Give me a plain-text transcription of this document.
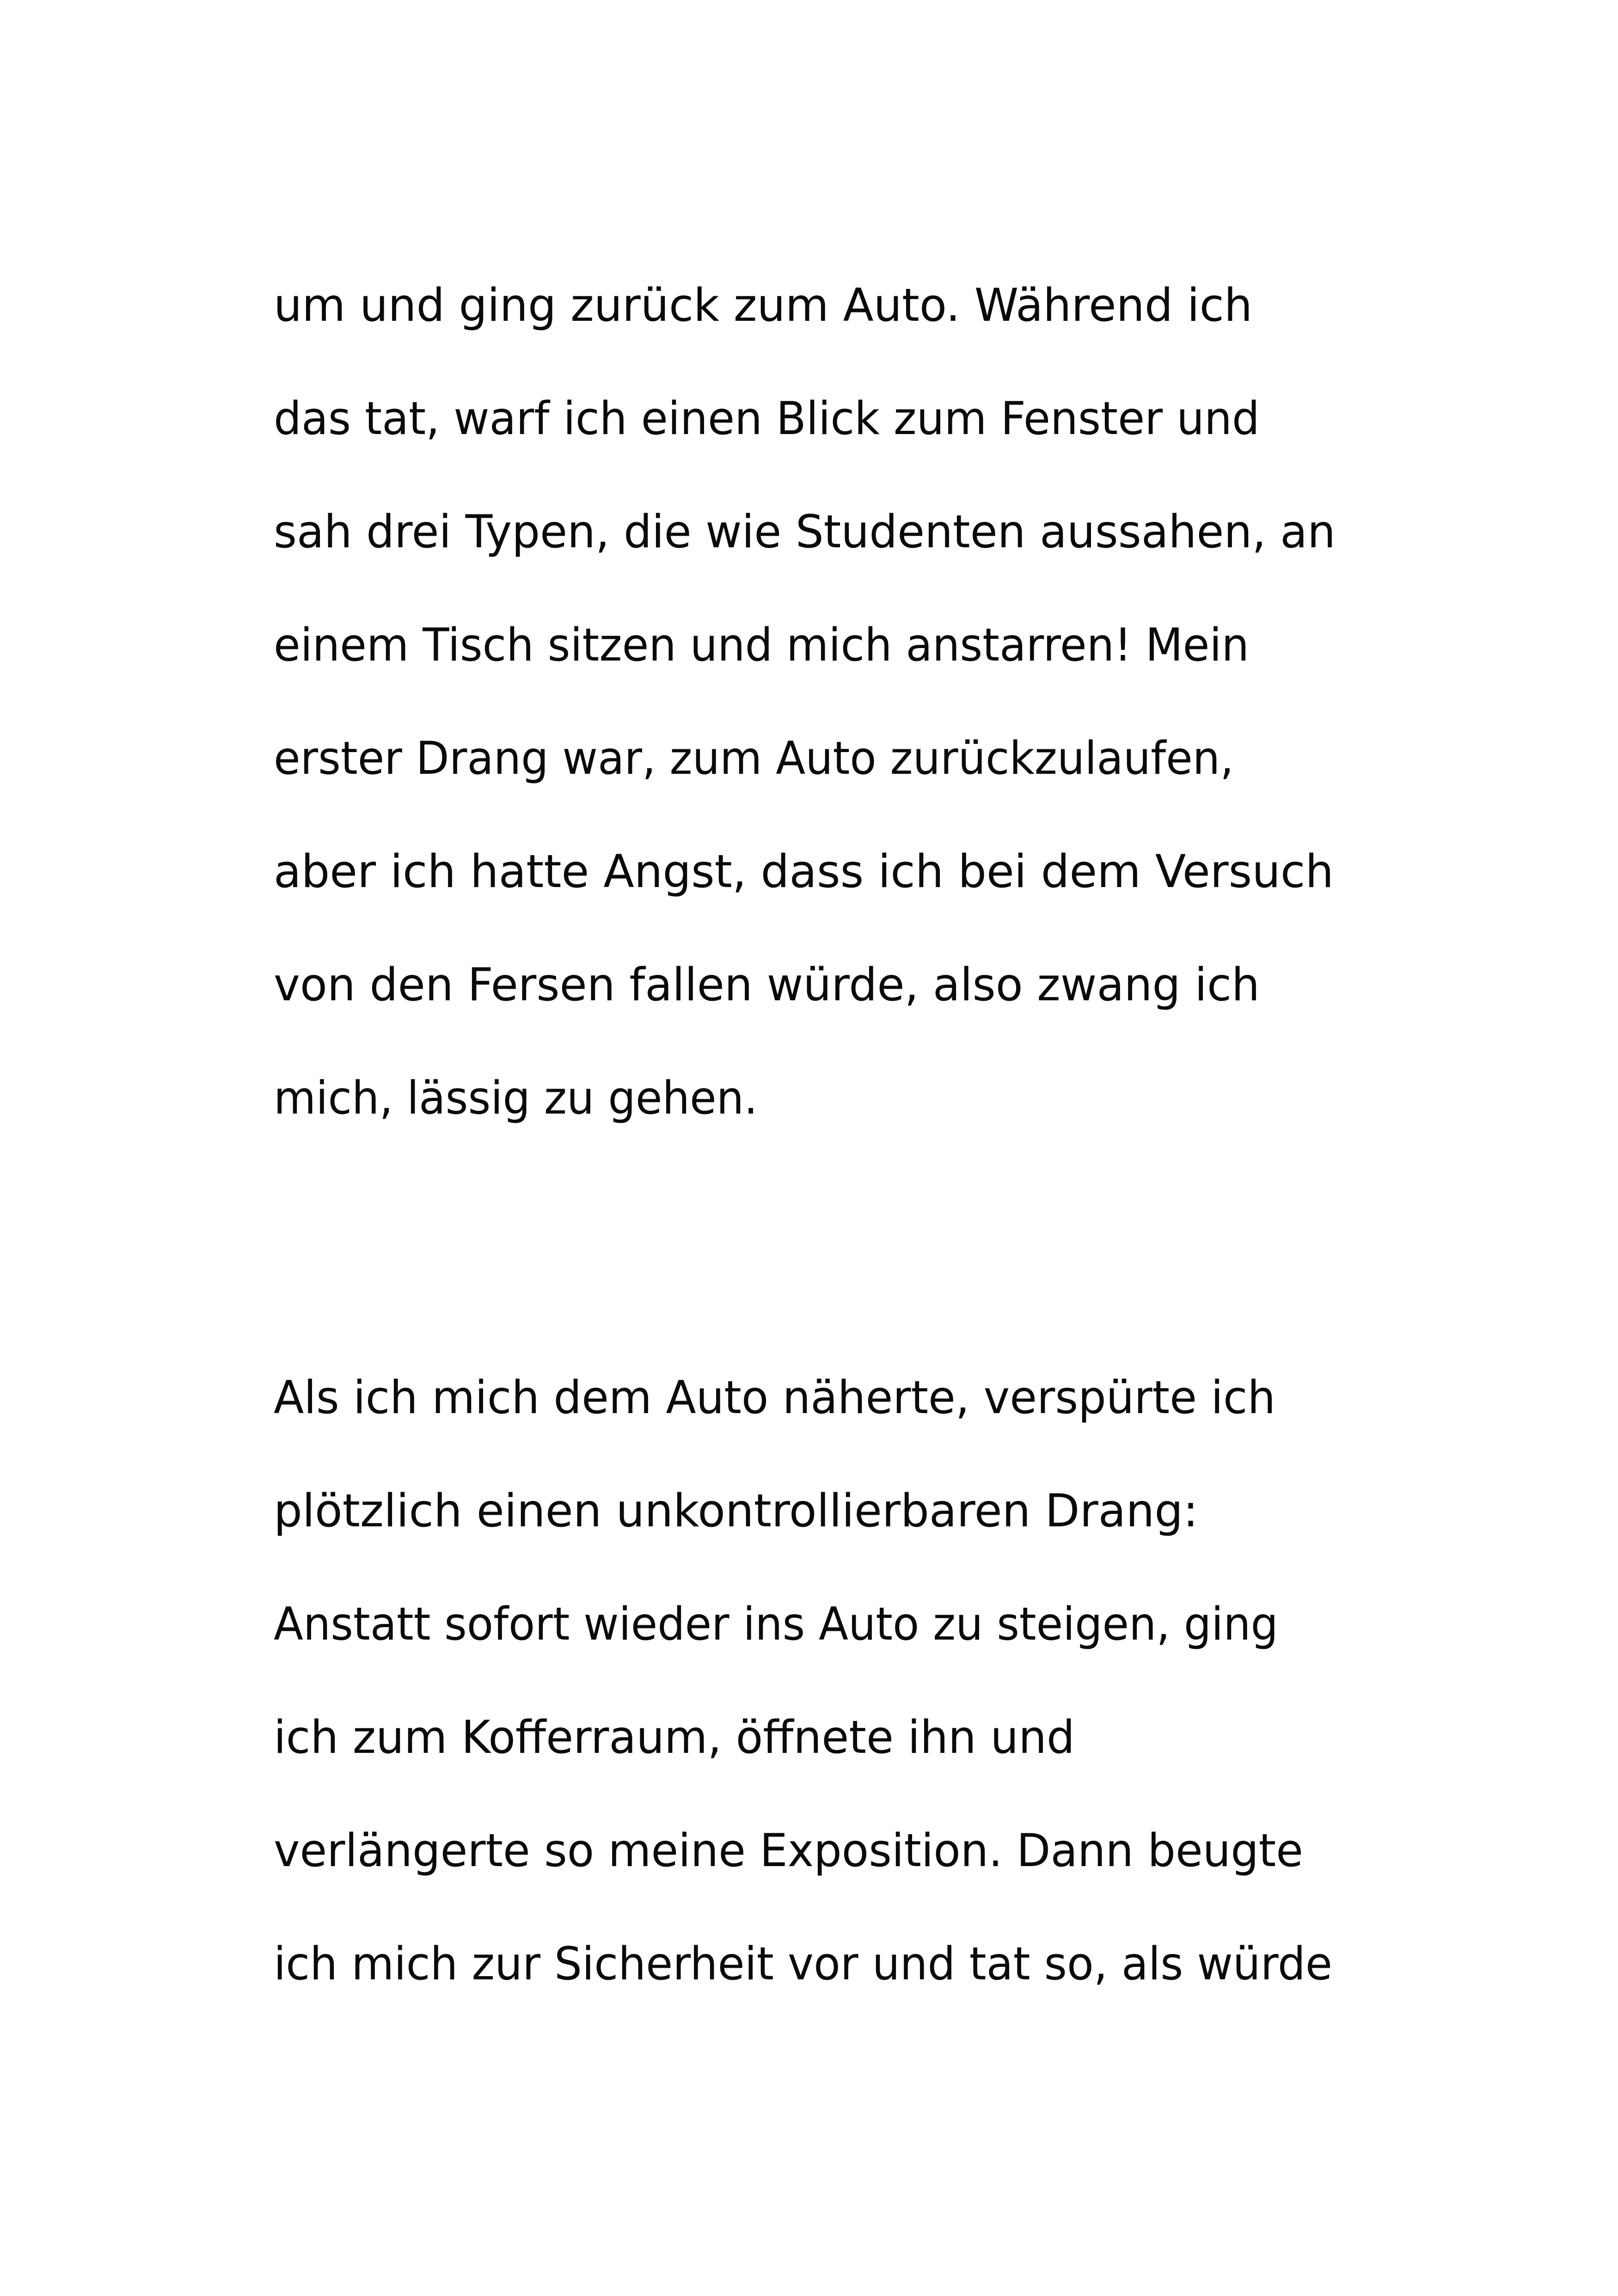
um und ging zurück zum Auto. Während ich

das tat, warf ich einen Blick zum Fenster und

sah drei Typen, die wie Studenten aussahen, an

einem Tisch sitzen und mich anstarren! Mein

erster Drang war, zum Auto zurückzulaufen,

aber ich hatte Angst, dass ich bei dem Versuch

von den Fersen fallen würde, also zwang ich

mich, lässig zu gehen.

Als ich mich dem Auto näherte, verspürte ich

plötzlich einen unkontrollierbaren Drang:

Anstatt sofort wieder ins Auto zu steigen, ging

ich zum Kofferraum, öffnete ihn und

verlängerte so meine Exposition. Dann beugte

ich mich zur Sicherheit vor und tat so, als würde
